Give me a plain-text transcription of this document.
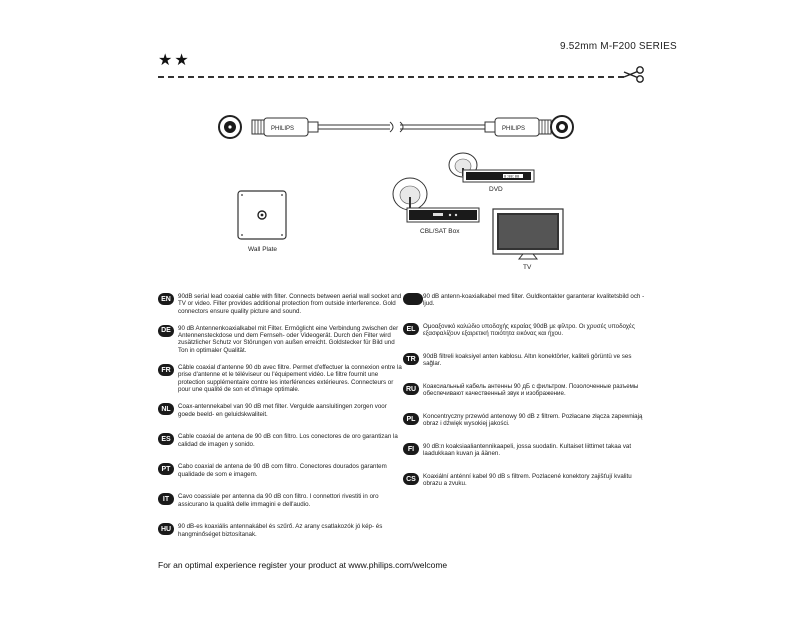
9.52mm M-F200 SERIES
★★
PHILIPS	PHILIPS
Wall Plate
8:88:88
DVD
CBL/SAT Box
TV
EN	90dB serial lead coaxial cable with filter. Connects between aerial wall socket and TV or video. Filter provides additional protection from outside interference. Gold connectors ensure quality picture and sound.
DE	90 dB Antennenkoaxialkabel mit Filter. Ermöglicht eine Verbindung zwischen der Antennensteckdose und dem Fernseh- oder Videogerät. Durch den Filter wird zusätzlicher Schutz vor Störungen von außen erreicht. Goldstecker für Bild und Ton in optimaler Qualität.
FR	Câble coaxial d'antenne 90 db avec filtre. Permet d'effectuer la connexion entre la prise d'antenne et le téléviseur ou l'équipement vidéo. Le filtre fournit une protection supplémentaire contre les interférences extérieures. Connecteurs or pour une qualité de son et d'image optimale.
NL	Coax-antennekabel van 90 dB met filter. Vergulde aansluitingen zorgen voor goede beeld- en geluidskwaliteit.
ES	Cable coaxial de antena de 90 dB con filtro. Los conectores de oro garantizan la calidad de imagen y sonido.
PT	Cabo coaxial de antena de 90 dB com filtro. Conectores dourados garantem qualidade de som e imagem.
IT	Cavo coassiale per antenna da 90 dB con filtro. I connettori rivestiti in oro assicurano la qualità delle immagini e dell'audio.
HU	90 dB-es koaxiális antennakábel és szűrő. Az arany csatlakozók jó kép- és hangminőséget biztosítanak.
90 dB antenn-koaxialkabel med filter. Guldkontakter garanterar kvalitetsbild och -ljud.
EL	Ομοαξονικό καλώδιο υποδοχής κεραίας 90dB με φίλτρο. Οι χρυσές υποδοχές εξασφαλίζουν εξαιρετική ποιότητα εικόνας και ήχου.
TR	90dB filtreli koaksiyel anten kablosu. Altın konektörler, kaliteli görüntü ve ses sağlar.
RU	Коаксиальный кабель антенны 90 дБ с фильтром. Позолоченные разъемы обеспечивают качественный звук и изображение.
PL	Koncentryczny przewód antenowy 90 dB z filtrem. Pozłacane złącza zapewniają obraz i dźwięk wysokiej jakości.
FI	90 dB:n koaksiaaliantennikaapeli, jossa suodatin. Kultaiset liittimet takaa vat laadukkaan kuvan ja äänen.
CS	Koaxiální anténní kabel 90 dB s filtrem. Pozlacené konektory zajišťují kvalitu obrazu a zvuku.
For an optimal experience register your product at www.philips.com/welcome
